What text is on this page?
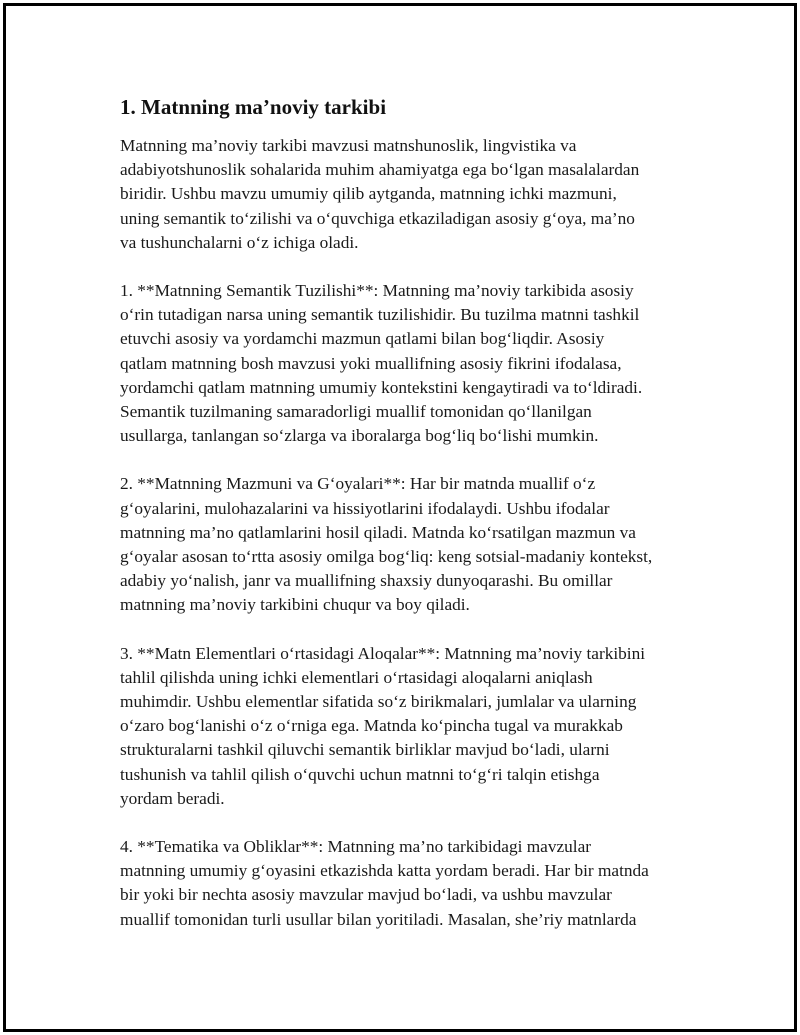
1. Matnning ma’noviy tarkibi

Matnning ma’noviy tarkibi mavzusi matnshunoslik, lingvistika va
adabiyotshunoslik sohalarida muhim ahamiyatga ega bo‘lgan masalalardan
biridir. Ushbu mavzu umumiy qilib aytganda, matnning ichki mazmuni,
uning semantik to‘zilishi va o‘quvchiga etkaziladigan asosiy g‘oya, ma’no
va tushunchalarni o‘z ichiga oladi.

1. **Matnning Semantik Tuzilishi**: Matnning ma’noviy tarkibida asosiy
o‘rin tutadigan narsa uning semantik tuzilishidir. Bu tuzilma matnni tashkil
etuvchi asosiy va yordamchi mazmun qatlami bilan bog‘liqdir. Asosiy
qatlam matnning bosh mavzusi yoki muallifning asosiy fikrini ifodalasa,
yordamchi qatlam matnning umumiy kontekstini kengaytiradi va to‘ldiradi.
Semantik tuzilmaning samaradorligi muallif tomonidan qo‘llanilgan
usullarga, tanlangan so‘zlarga va iboralarga bog‘liq bo‘lishi mumkin.

2. **Matnning Mazmuni va G‘oyalari**: Har bir matnda muallif o‘z
g‘oyalarini, mulohazalarini va hissiyotlarini ifodalaydi. Ushbu ifodalar
matnning ma’no qatlamlarini hosil qiladi. Matnda ko‘rsatilgan mazmun va
g‘oyalar asosan to‘rtta asosiy omilga bog‘liq: keng sotsial-madaniy kontekst,
adabiy yo‘nalish, janr va muallifning shaxsiy dunyoqarashi. Bu omillar
matnning ma’noviy tarkibini chuqur va boy qiladi.

3. **Matn Elementlari o‘rtasidagi Aloqalar**: Matnning ma’noviy tarkibini
tahlil qilishda uning ichki elementlari o‘rtasidagi aloqalarni aniqlash
muhimdir. Ushbu elementlar sifatida so‘z birikmalari, jumlalar va ularning
o‘zaro bog‘lanishi o‘z o‘rniga ega. Matnda ko‘pincha tugal va murakkab
strukturalarni tashkil qiluvchi semantik birliklar mavjud bo‘ladi, ularni
tushunish va tahlil qilish o‘quvchi uchun matnni to‘g‘ri talqin etishga
yordam beradi.

4. **Tematika va Obliklar**: Matnning ma’no tarkibidagi mavzular
matnning umumiy g‘oyasini etkazishda katta yordam beradi. Har bir matnda
bir yoki bir nechta asosiy mavzular mavjud bo‘ladi, va ushbu mavzular
muallif tomonidan turli usullar bilan yoritiladi. Masalan, she’riy matnlarda
